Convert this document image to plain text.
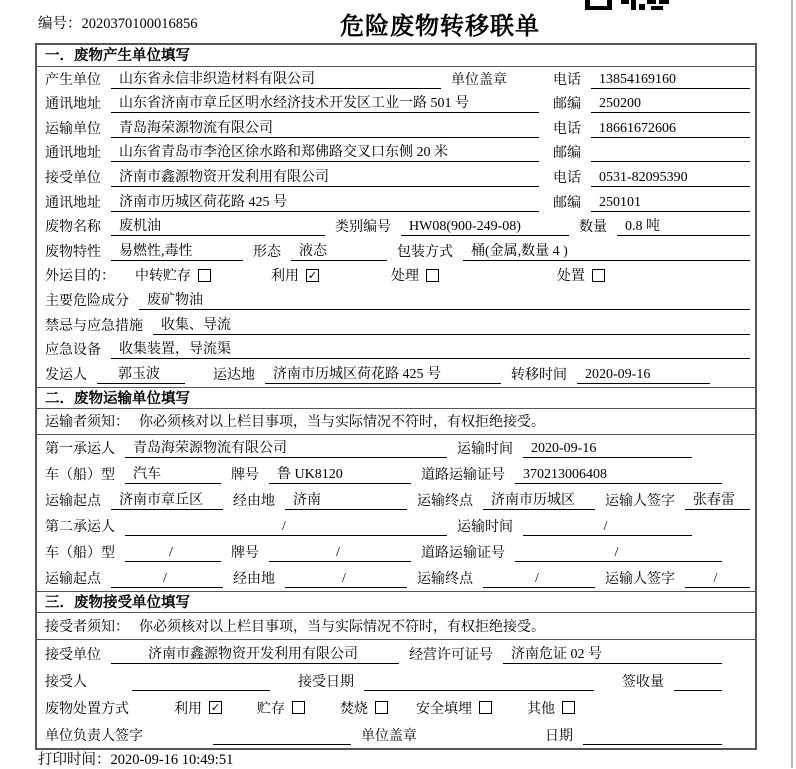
编号：2020370100016856	危险废物转移联单
一．废物产生单位填写
产生单位	山东省永信非织造材料有限公司	单位盖章	电话	13854169160
通讯地址	山东省济南市章丘区明水经济技术开发区工业一路 501 号	邮编	250200
运输单位	青岛海荣源物流有限公司	电话	18661672606
通讯地址	山东省青岛市李沧区徐水路和郑佛路交叉口东侧 20 米	邮编
接受单位	济南市鑫源物资开发利用有限公司	电话	0531-82095390
通讯地址	济南市历城区荷花路 425 号	邮编	250101
废物名称	废机油	类别编号	HW08(900-249-08)	数量	0.8 吨
废物特性	易燃性,毒性	形态	液态	包装方式	桶(金属,数量 4 )
外运目的： 中转贮存	利用 ✓	处理	处置
主要危险成分	废矿物油
禁忌与应急措施	收集、导流
应急设备	收集装置，导流渠
发运人	郭玉波	运达地	济南市历城区荷花路 425 号	转移时间	2020-09-16
二．废物运输单位填写
运输者须知： 你必须核对以上栏目事项，当与实际情况不符时，有权拒绝接受。
第一承运人	青岛海荣源物流有限公司	运输时间	2020-09-16
车（船）型	汽车	牌号	鲁 UK8120	道路运输证号	370213006408
运输起点	济南市章丘区	经由地	济南	运输终点	济南市历城区	运输人签字	张春雷
第二承运人	/	运输时间	/
车（船）型	/	牌号	/	道路运输证号	/
运输起点	/	经由地	/	运输终点	/	运输人签字	/
三．废物接受单位填写
接受者须知： 你必须核对以上栏目事项，当与实际情况不符时，有权拒绝接受。
接受单位	济南市鑫源物资开发利用有限公司	经营许可证号	济南危证 02 号
接受人	接受日期	签收量
废物处置方式	利用 ✓	贮存	焚烧	安全填埋	其他
单位负责人签字	单位盖章	日期
打印时间：2020-09-16 10:49:51
